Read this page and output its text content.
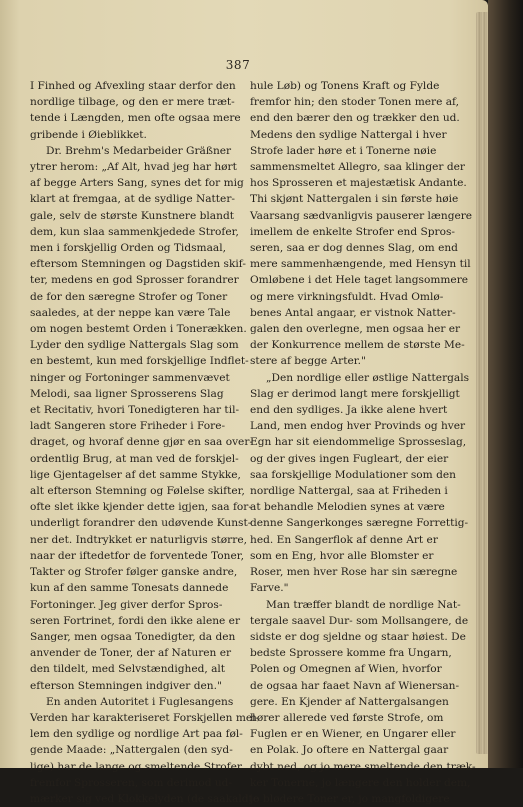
387
I Finhed og Afvexling staar derfor den
nordlige tilbage, og den er mere træt-
tende i Længden, men ofte ogsaa mere
gribende i Øieblikket.
Dr. Brehm's Medarbeider Gräßner
ytrer herom: „Af Alt, hvad jeg har hørt
af begge Arters Sang, synes det for mig
klart at fremgaa, at de sydlige Natter-
gale, selv de største Kunstnere blandt
dem, kun slaa sammenkjedede Strofer,
men i forskjellig Orden og Tidsmaal,
eftersom Stemningen og Dagstiden skif-
ter, medens en god Sprosser forandrer
de for den særegne Strofer og Toner
saaledes, at der neppe kan være Tale
om nogen bestemt Orden i Tonerækken.
Lyder den sydlige Nattergals Slag som
en bestemt, kun med forskjellige Indflet-
ninger og Fortoninger sammenvævet
Melodi, saa ligner Sprosserens Slag
et Recitativ, hvori Tonedigteren har til-
ladt Sangeren store Friheder i Fore-
draget, og hvoraf denne gjør en saa over-
ordentlig Brug, at man ved de forskjel-
lige Gjentagelser af det samme Stykke,
alt efterson Stemning og Følelse skifter,
ofte slet ikke kjender dette igjen, saa for-
underligt forandrer den udøvende Kunst-
ner det. Indtrykket er naturligvis større,
naar der iftedetfor de forventede Toner,
Takter og Strofer følger ganske andre,
kun af den samme Tonesats dannede
Fortoninger. Jeg giver derfor Spros-
seren Fortrinet, fordi den ikke alene er
Sanger, men ogsaa Tonedigter, da den
anvender de Toner, der af Naturen er
den tildelt, med Selvstændighed, alt
efterson Stemningen indgiver den."
En anden Autoritet i Fuglesangens
Verden har karakteriseret Forskjellen mel-
lem den sydlige og nordlige Art paa føl-
gende Maade: „Nattergalen (den syd-
lige) har de lange og smeltende Strofer
fremfor Sprosseren, som derimod ud-
mærker sig ved Klokkelyden (de saakaldte
hule Løb) og Tonens Kraft og Fylde
fremfor hin; den stoder Tonen mere af,
end den bærer den og trækker den ud.
Medens den sydlige Nattergal i hver
Strofe lader høre et i Tonerne nøie
sammensmeltet Allegro, saa klinger der
hos Sprosseren et majestætisk Andante.
Thi skjønt Nattergalen i sin første høie
Vaarsang sædvanligvis pauserer længere
imellem de enkelte Strofer end Spros-
seren, saa er dog dennes Slag, om end
mere sammenhængende, med Hensyn til
Omløbene i det Hele taget langsommere
og mere virkningsfuldt. Hvad Omlø-
benes Antal angaar, er vistnok Natter-
galen den overlegne, men ogsaa her er
der Konkurrence mellem de største Me-
stere af begge Arter."
„Den nordlige eller østlige Nattergals
Slag er derimod langt mere forskjelligt
end den sydliges. Ja ikke alene hvert
Land, men endog hver Provinds og hver
Egn har sit eiendommelige Sprosseslag,
og der gives ingen Fugleart, der eier
saa forskjellige Modulationer som den
nordlige Nattergal, saa at Friheden i
at behandle Melodien synes at være
denne Sangerkonges særegne Forrettig-
hed. En Sangerflok af denne Art er
som en Eng, hvor alle Blomster er
Roser, men hver Rose har sin særegne
Farve."
Man træffer blandt de nordlige Nat-
tergale saavel Dur- som Mollsangere, de
sidste er dog sjeldne og staar høiest. De
bedste Sprossere komme fra Ungarn,
Polen og Omegnen af Wien, hvorfor
de ogsaa har faaet Navn af Wienersan-
gere. En Kjender af Nattergalsangen
hører allerede ved første Strofe, om
Fuglen er en Wiener, en Ungarer eller
en Polak. Jo oftere en Nattergal gaar
dybt ned, og jo mere smeltende den træk-
ker Tonerne, jo længere den holder dem,
jo blødere Toner er, jo mangfoldigere
